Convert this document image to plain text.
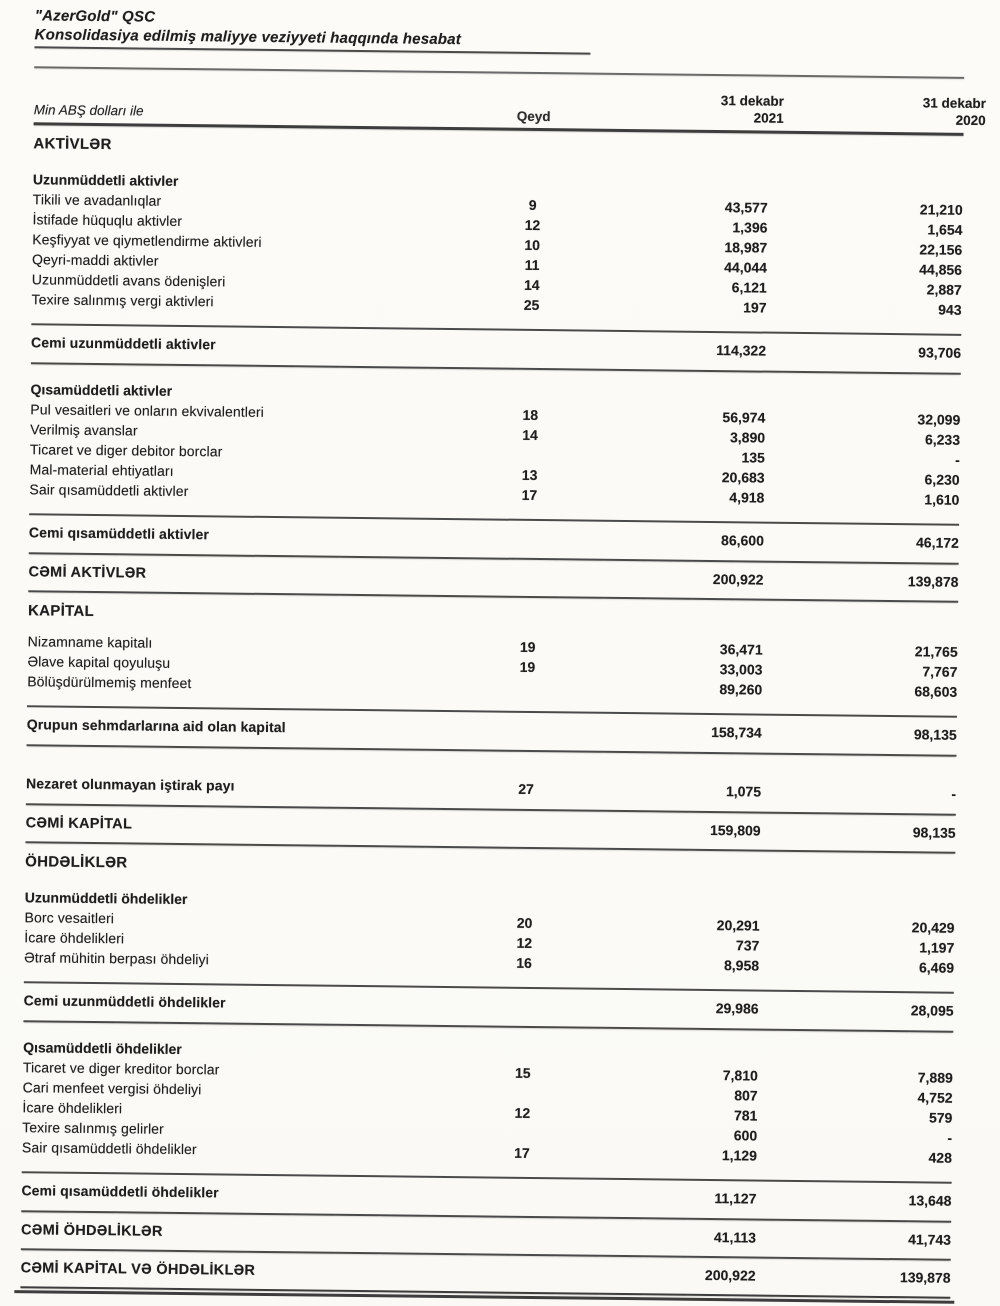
"AzerGold" QSC
Konsolidasiya edilmiş maliyye veziyyeti haqqında hesabat
Min ABŞ dolları ile	Qeyd
31 dekabr
2021
31 dekabr
2020
AKTİVLƏR
Uzunmüddetli aktivler
Tikili ve avadanlıqlar	9	43,577	21,210
İstifade hüquqlu aktivler	12	1,396	1,654
Keşfiyyat ve qiymetlendirme aktivleri	10	18,987	22,156
Qeyri-maddi aktivler	11	44,044	44,856
Uzunmüddetli avans ödenişleri	14	6,121	2,887
Texire salınmış vergi aktivleri	25	197	943
Cemi uzunmüddetli aktivler	114,322	93,706
Qısamüddetli aktivler
Pul vesaitleri ve onların ekvivalentleri	18	56,974	32,099
Verilmiş avanslar	14	3,890	6,233
Ticaret ve diger debitor borclar	135	-
Mal-material ehtiyatları	13	20,683	6,230
Sair qısamüddetli aktivler	17	4,918	1,610
Cemi qısamüddetli aktivler	86,600	46,172
CƏMİ AKTİVLƏR	200,922	139,878
KAPİTAL
Nizamname kapitalı	19	36,471	21,765
Əlave kapital qoyuluşu	19	33,003	7,767
Bölüşdürülmemiş menfeet	89,260	68,603
Qrupun sehmdarlarına aid olan kapital	158,734	98,135
Nezaret olunmayan iştirak payı	27	1,075	-
CƏMİ KAPİTAL	159,809	98,135
ÖHDƏLİKLƏR
Uzunmüddetli öhdelikler
Borc vesaitleri	20	20,291	20,429
İcare öhdelikleri	12	737	1,197
Ətraf mühitin berpası öhdeliyi	16	8,958	6,469
Cemi uzunmüddetli öhdelikler	29,986	28,095
Qısamüddetli öhdelikler
Ticaret ve diger kreditor borclar	15	7,810	7,889
Cari menfeet vergisi öhdeliyi	807	4,752
İcare öhdelikleri	12	781	579
Texire salınmış gelirler	600	-
Sair qısamüddetli öhdelikler	17	1,129	428
Cemi qısamüddetli öhdelikler	11,127	13,648
CƏMİ ÖHDƏLİKLƏR	41,113	41,743
CƏMİ KAPİTAL VƏ ÖHDƏLİKLƏR	200,922	139,878
